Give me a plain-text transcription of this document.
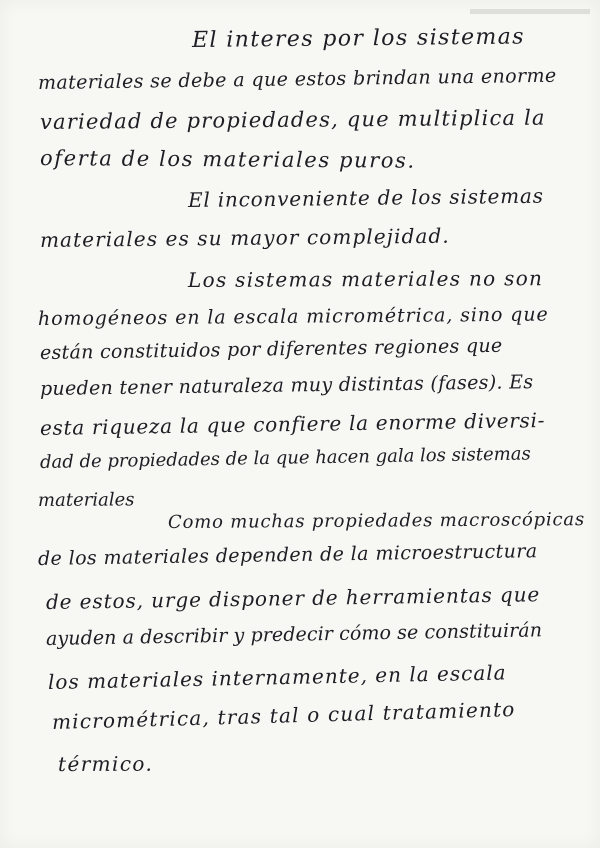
El interes por los sistemas
materiales se debe a que estos brindan una enorme
variedad de propiedades, que multiplica la
oferta de los materiales puros.
El inconveniente de los sistemas
materiales es su mayor complejidad.
Los sistemas materiales no son
homogéneos en la escala micrométrica, sino que
están constituidos por diferentes regiones que
pueden tener naturaleza muy distintas (fases). Es
esta riqueza la que confiere la enorme diversi-
dad de propiedades de la que hacen gala los sistemas
materiales
Como muchas propiedades macroscópicas
de los materiales dependen de la microestructura
de estos, urge disponer de herramientas que
ayuden a describir y predecir cómo se constituirán
los materiales internamente, en la escala
micrométrica, tras tal o cual tratamiento
térmico.
